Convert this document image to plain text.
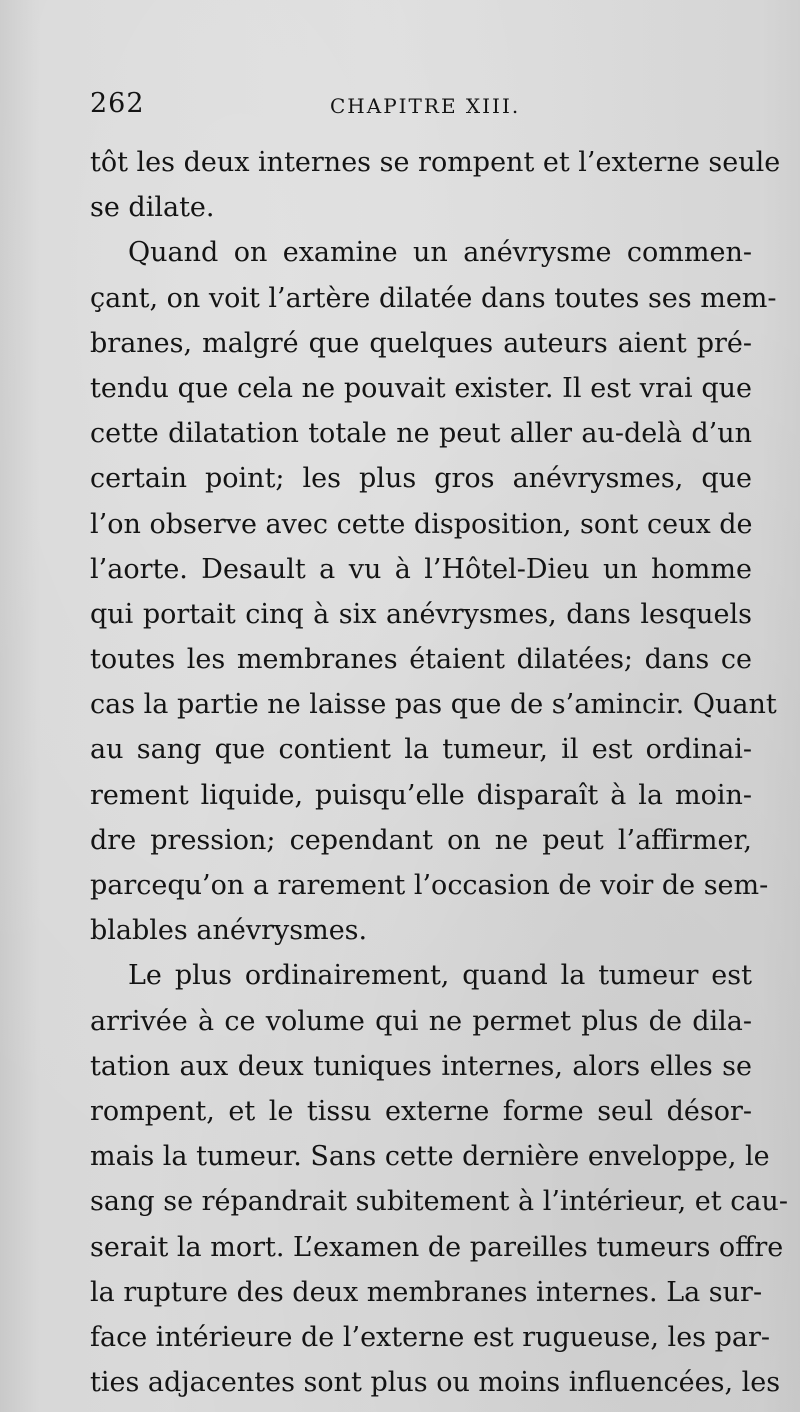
262	CHAPITRE XIII.
tôt les deux internes se rompent et l’externe seule
se dilate.
Quand on examine un anévrysme commen-
çant, on voit l’artère dilatée dans toutes ses mem-
branes, malgré que quelques auteurs aient pré-
tendu que cela ne pouvait exister. Il est vrai que
cette dilatation totale ne peut aller au-delà d’un
certain point; les plus gros anévrysmes, que
l’on observe avec cette disposition, sont ceux de
l’aorte. Desault a vu à l’Hôtel-Dieu un homme
qui portait cinq à six anévrysmes, dans lesquels
toutes les membranes étaient dilatées; dans ce
cas la partie ne laisse pas que de s’amincir. Quant
au sang que contient la tumeur, il est ordinai-
rement liquide, puisqu’elle disparaît à la moin-
dre pression; cependant on ne peut l’affirmer,
parcequ’on a rarement l’occasion de voir de sem-
blables anévrysmes.
Le plus ordinairement, quand la tumeur est
arrivée à ce volume qui ne permet plus de dila-
tation aux deux tuniques internes, alors elles se
rompent, et le tissu externe forme seul désor-
mais la tumeur. Sans cette dernière enveloppe, le
sang se répandrait subitement à l’intérieur, et cau-
serait la mort. L’examen de pareilles tumeurs offre
la rupture des deux membranes internes. La sur-
face intérieure de l’externe est rugueuse, les par-
ties adjacentes sont plus ou moins influencées, les
